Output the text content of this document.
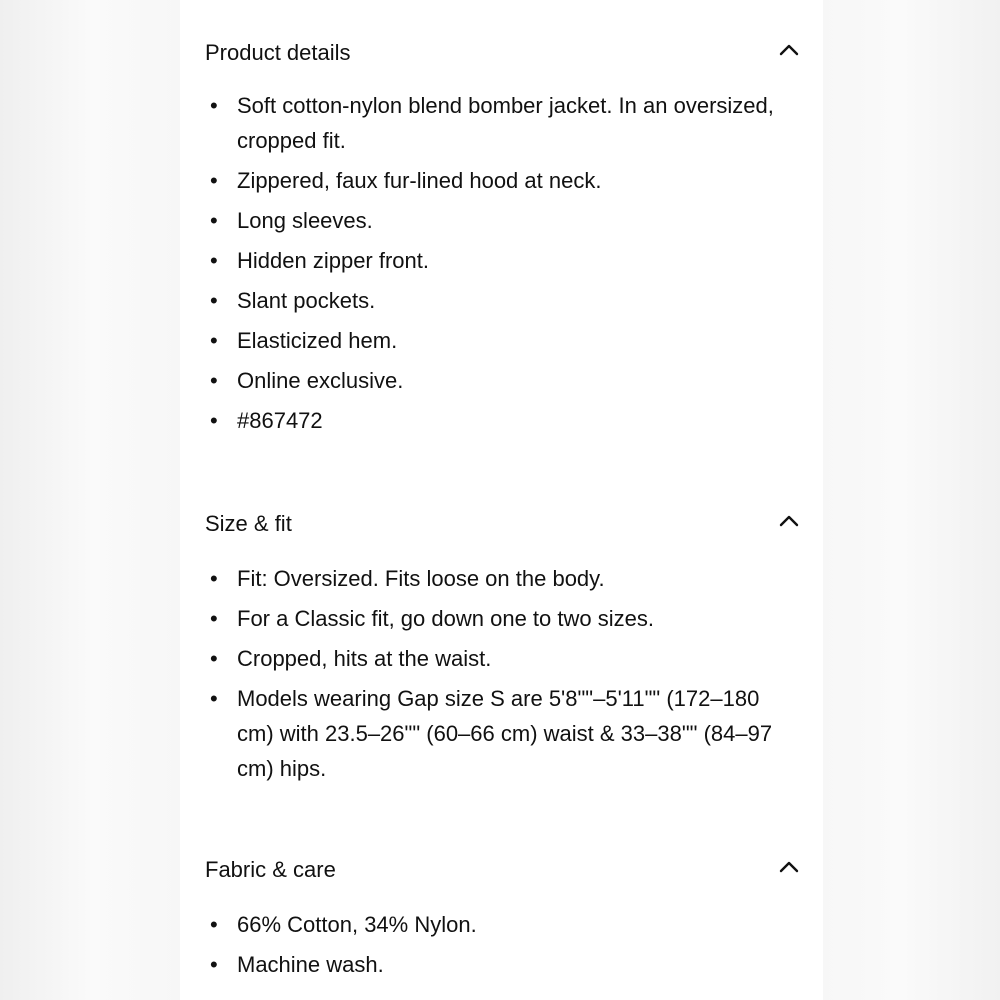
Product details
• Soft cotton-nylon blend bomber jacket. In an oversized, cropped fit.
• Zippered, faux fur-lined hood at neck.
• Long sleeves.
• Hidden zipper front.
• Slant pockets.
• Elasticized hem.
• Online exclusive.
• #867472
Size & fit
• Fit: Oversized. Fits loose on the body.
• For a Classic fit, go down one to two sizes.
• Cropped, hits at the waist.
• Models wearing Gap size S are 5'8""–5'11"" (172–180 cm) with 23.5–26"" (60–66 cm) waist & 33–38"" (84–97 cm) hips.
Fabric & care
• 66% Cotton, 34% Nylon.
• Machine wash.
